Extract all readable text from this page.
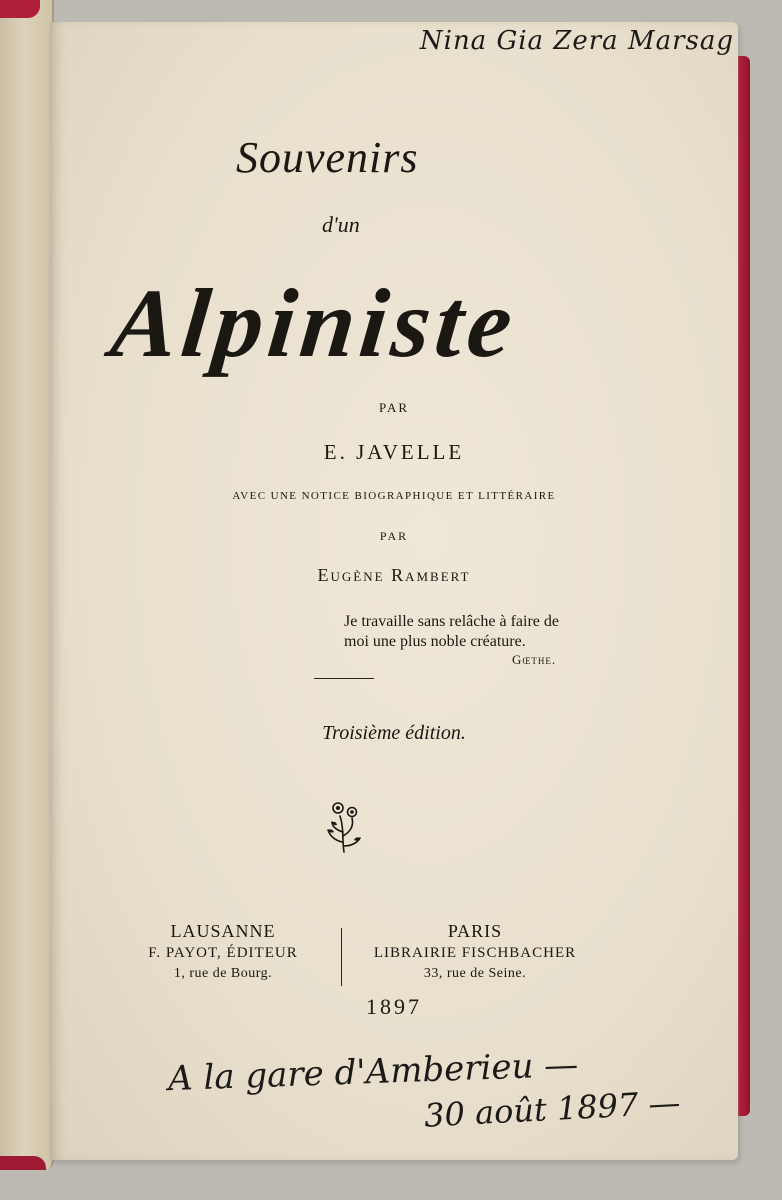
Nina Gia Zera Marsag
Souvenirs
d'un
Alpiniste
PAR
E. JAVELLE
AVEC UNE NOTICE BIOGRAPHIQUE ET LITTÉRAIRE
PAR
Eugène Rambert
Je travaille sans relâche à faire de
moi une plus noble créature.
Gœthe.
Troisième édition.
LAUSANNE
F. PAYOT, ÉDITEUR
1, rue de Bourg.
PARIS
LIBRAIRIE FISCHBACHER
33, rue de Seine.
1897
A la gare d'Amberieu —
30 août 1897 —
